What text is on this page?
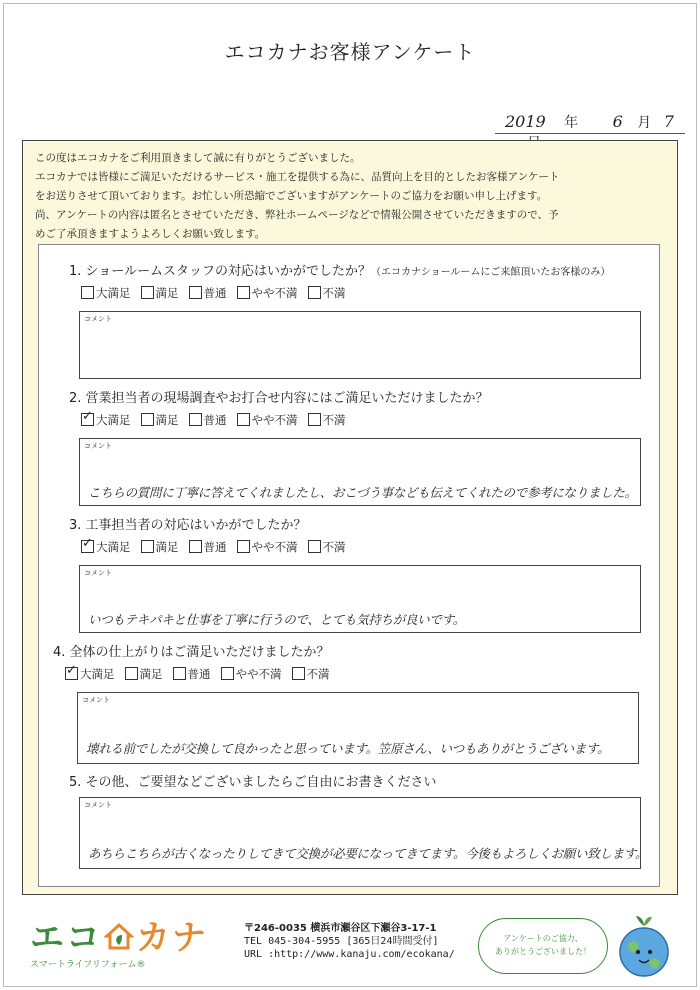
エコカナお客様アンケート
2019 年 6 月 7
この度はエコカナをご利用頂きまして誠に有りがとうございました。
エコカナでは皆様にご満足いただけるサービス・施工を提供する為に、品質向上を目的としたお客様アンケート
をお送りさせて頂いております。お忙しい所恐縮でございますがアンケートのご協力をお願い申し上げます。
尚、アンケートの内容は匿名とさせていただき、弊社ホームページなどで情報公開させていただきますので、予
めご了承頂きますようよろしくお願い致します。
1. ショールームスタッフの対応はいかがでしたか？（エコカナショールームにご来館頂いたお客様のみ）
大満足 満足 普通 やや不満 不満
コメント
2. 営業担当者の現場調査やお打合せ内容にはご満足いただけましたか？
✓大満足 満足 普通 やや不満 不満
コメント
こちらの質問に丁寧に答えてくれましたし、おこづう事なども伝えてくれたので参考になりました。
3. 工事担当者の対応はいかがでしたか？
✓大満足 満足 普通 やや不満 不満
コメント
いつもテキパキと仕事を丁寧に行うので、とても気持ちが良いです。
4. 全体の仕上がりはご満足いただけましたか？
✓大満足 満足 普通 やや不満 不満
コメント
壊れる前でしたが交換して良かったと思っています。笠原さん、いつもありがとうございます。
5. その他、ご要望などございましたらご自由にお書きください
コメント
あちらこちらが古くなったりしてきて交換が必要になってきてます。今後もよろしくお願い致します。
エコ カナ
スマートライフリフォーム®
〒246-0035 横浜市瀬谷区下瀬谷3-17-1
TEL 045-304-5955 [365日24時間受付]
URL :http://www.kanaju.com/ecokana/
アンケートのご協力、
ありがとうございました！
